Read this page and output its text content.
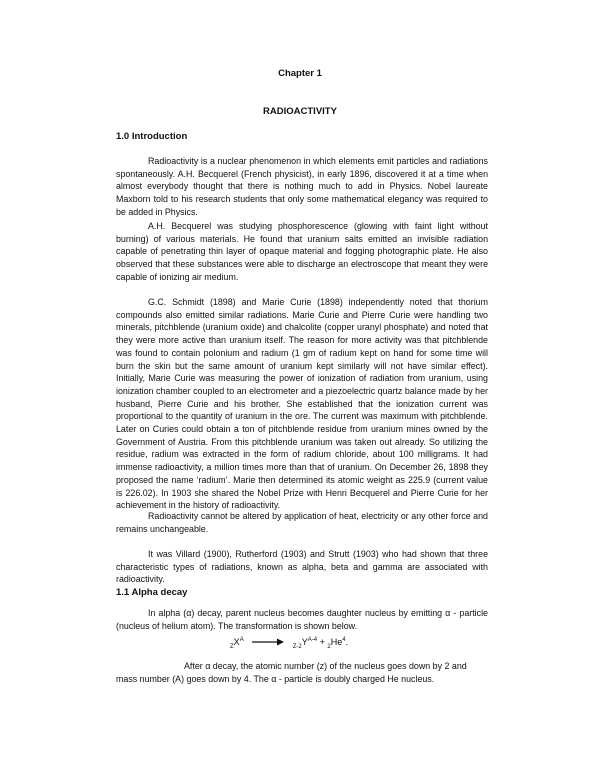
Chapter 1
RADIOACTIVITY
1.0 Introduction

Radioactivity is a nuclear phenomenon in which elements emit particles and radiations spontaneously. A.H. Becquerel (French physicist), in early 1896, discovered it at a time when almost everybody thought that there is nothing much to add in Physics. Nobel laureate Maxborn told to his research students that only some mathematical elegancy was required to be added in Physics.

A.H. Becquerel was studying phosphorescence (glowing with faint light without burning) of various materials. He found that uranium salts emitted an invisible radiation capable of penetrating thin layer of opaque material and fogging photographic plate. He also observed that these substances were able to discharge an electroscope that meant they were capable of ionizing air medium.

G.C. Schmidt (1898) and Marie Curie (1898) independently noted that thorium compounds also emitted similar radiations. Marie Curie and Pierre Curie were handling two minerals, pitchblende (uranium oxide) and chalcolite (copper uranyl phosphate) and noted that they were more active than uranium itself. The reason for more activity was that pitchblende was found to contain polonium and radium (1 gm of radium kept on hand for some time will burn the skin but the same amount of uranium kept similarly will not have similar effect). Initially, Marie Curie was measuring the power of ionization of radiation from uranium, using ionization chamber coupled to an electrometer and a piezoelectric quartz balance made by her husband, Pierre Curie and his brother. She established that the ionization current was proportional to the quantity of uranium in the ore. The current was maximum with pitchblende. Later on Curies could obtain a ton of pitchblende residue from uranium mines owned by the Government of Austria. From this pitchblende uranium was taken out already. So utilizing the residue, radium was extracted in the form of radium chloride, about 100 milligrams. It had immense radioactivity, a million times more than that of uranium. On December 26, 1898 they proposed the name ‘radium’. Marie then determined its atomic weight as 225.9 (current value is 226.02). In 1903 she shared the Nobel Prize with Henri Becquerel and Pierre Curie for her achievement in the history of radioactivity.

Radioactivity cannot be altered by application of heat, electricity or any other force and remains unchangeable.

It was Villard (1900), Rutherford (1903) and Strutt (1903) who had shown that three characteristic types of radiations, known as alpha, beta and gamma are associated with radioactivity.

1.1 Alpha decay

In alpha (α) decay, parent nucleus becomes daughter nucleus by emitting α - particle (nucleus of helium atom). The transformation is shown below.

$_ZX^A$  $_{Z-2}Y^{A-4} + _2He^4$.

After α decay, the atomic number (z) of the nucleus goes down by 2 and mass number (A) goes down by 4. The α - particle is doubly charged He nucleus.
